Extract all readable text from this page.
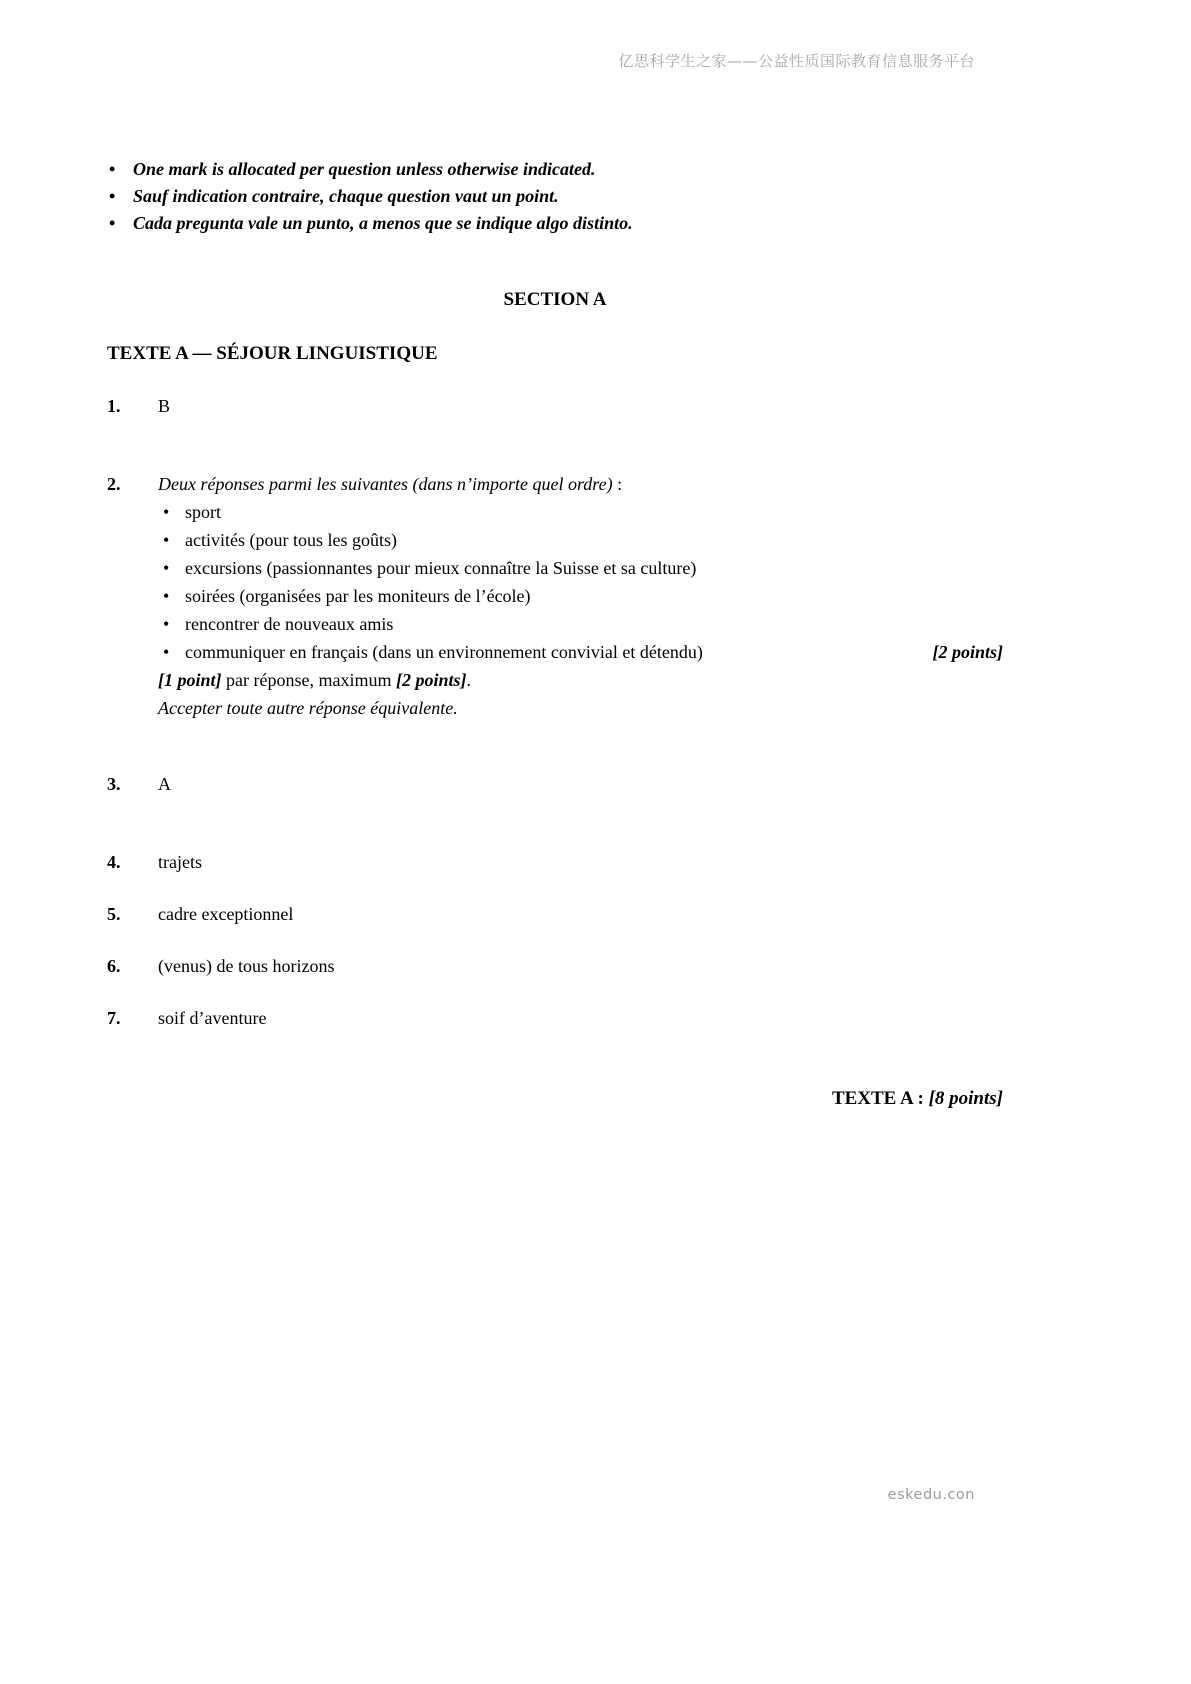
亿思科学生之家——公益性质国际教育信息服务平台
• One mark is allocated per question unless otherwise indicated.
• Sauf indication contraire, chaque question vaut un point.
• Cada pregunta vale un punto, a menos que se indique algo distinto.
SECTION A
TEXTE A — SÉJOUR LINGUISTIQUE
1.	B
2.	Deux réponses parmi les suivantes (dans n’importe quel ordre) :
• sport
• activités (pour tous les goûts)
• excursions (passionnantes pour mieux connaître la Suisse et sa culture)
• soirées (organisées par les moniteurs de l’école)
• rencontrer de nouveaux amis
• communiquer en français (dans un environnement convivial et détendu)	[2 points]
[1 point] par réponse, maximum [2 points].
Accepter toute autre réponse équivalente.
3.	A
4.	trajets
5.	cadre exceptionnel
6.	(venus) de tous horizons
7.	soif d’aventure
TEXTE A : [8 points]
eskedu.con
